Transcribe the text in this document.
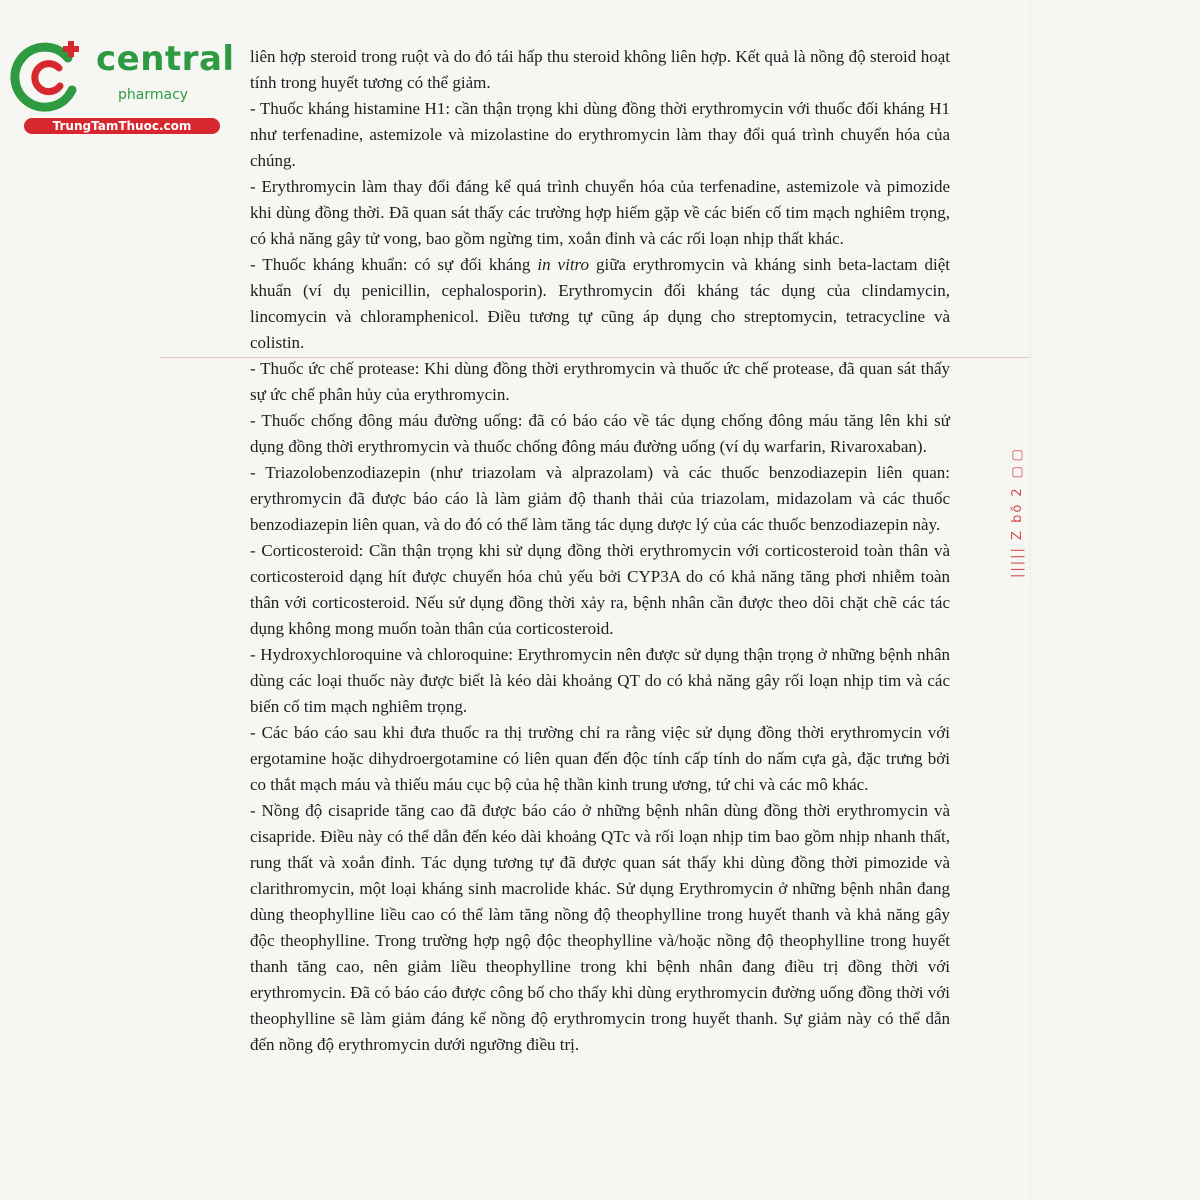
central
pharmacy
TrungTamThuoc.com

liên hợp steroid trong ruột và do đó tái hấp thu steroid không liên hợp. Kết quả là nồng độ steroid hoạt tính trong huyết tương có thể giảm.

- Thuốc kháng histamine H1: cần thận trọng khi dùng đồng thời erythromycin với thuốc đối kháng H1 như terfenadine, astemizole và mizolastine do erythromycin làm thay đổi quá trình chuyển hóa của chúng.

- Erythromycin làm thay đổi đáng kể quá trình chuyển hóa của terfenadine, astemizole và pimozide khi dùng đồng thời. Đã quan sát thấy các trường hợp hiếm gặp về các biến cố tim mạch nghiêm trọng, có khả năng gây tử vong, bao gồm ngừng tim, xoắn đỉnh và các rối loạn nhịp thất khác.

- Thuốc kháng khuẩn: có sự đối kháng in vitro giữa erythromycin và kháng sinh beta-lactam diệt khuẩn (ví dụ penicillin, cephalosporin). Erythromycin đối kháng tác dụng của clindamycin, lincomycin và chloramphenicol. Điều tương tự cũng áp dụng cho streptomycin, tetracycline và colistin.

- Thuốc ức chế protease: Khi dùng đồng thời erythromycin và thuốc ức chế protease, đã quan sát thấy sự ức chế phân hủy của erythromycin.

- Thuốc chống đông máu đường uống: đã có báo cáo về tác dụng chống đông máu tăng lên khi sử dụng đồng thời erythromycin và thuốc chống đông máu đường uống (ví dụ warfarin, Rivaroxaban).

- Triazolobenzodiazepin (như triazolam và alprazolam) và các thuốc benzodiazepin liên quan: erythromycin đã được báo cáo là làm giảm độ thanh thải của triazolam, midazolam và các thuốc benzodiazepin liên quan, và do đó có thể làm tăng tác dụng dược lý của các thuốc benzodiazepin này.

- Corticosteroid: Cần thận trọng khi sử dụng đồng thời erythromycin với corticosteroid toàn thân và corticosteroid dạng hít được chuyển hóa chủ yếu bởi CYP3A do có khả năng tăng phơi nhiễm toàn thân với corticosteroid. Nếu sử dụng đồng thời xảy ra, bệnh nhân cần được theo dõi chặt chẽ các tác dụng không mong muốn toàn thân của corticosteroid.

- Hydroxychloroquine và chloroquine: Erythromycin nên được sử dụng thận trọng ở những bệnh nhân dùng các loại thuốc này được biết là kéo dài khoảng QT do có khả năng gây rối loạn nhịp tim và các biến cố tim mạch nghiêm trọng.

- Các báo cáo sau khi đưa thuốc ra thị trường chỉ ra rằng việc sử dụng đồng thời erythromycin với ergotamine hoặc dihydroergotamine có liên quan đến độc tính cấp tính do nấm cựa gà, đặc trưng bởi co thắt mạch máu và thiếu máu cục bộ của hệ thần kinh trung ương, tứ chi và các mô khác.

- Nồng độ cisapride tăng cao đã được báo cáo ở những bệnh nhân dùng đồng thời erythromycin và cisapride. Điều này có thể dẫn đến kéo dài khoảng QTc và rối loạn nhịp tim bao gồm nhịp nhanh thất, rung thất và xoắn đỉnh. Tác dụng tương tự đã được quan sát thấy khi dùng đồng thời pimozide và clarithromycin, một loại kháng sinh macrolide khác. Sử dụng Erythromycin ở những bệnh nhân đang dùng theophylline liều cao có thể làm tăng nồng độ theophylline trong huyết thanh và khả năng gây độc theophylline. Trong trường hợp ngộ độc theophylline và/hoặc nồng độ theophylline trong huyết thanh tăng cao, nên giảm liều theophylline trong khi bệnh nhân đang điều trị đồng thời với erythromycin. Đã có báo cáo được công bố cho thấy khi dùng erythromycin đường uống đồng thời với theophylline sẽ làm giảm đáng kể nồng độ erythromycin trong huyết thanh. Sự giảm này có thể dẫn đến nồng độ erythromycin dưới ngưỡng điều trị.

||||| Z bỗ 2 ▢▢
